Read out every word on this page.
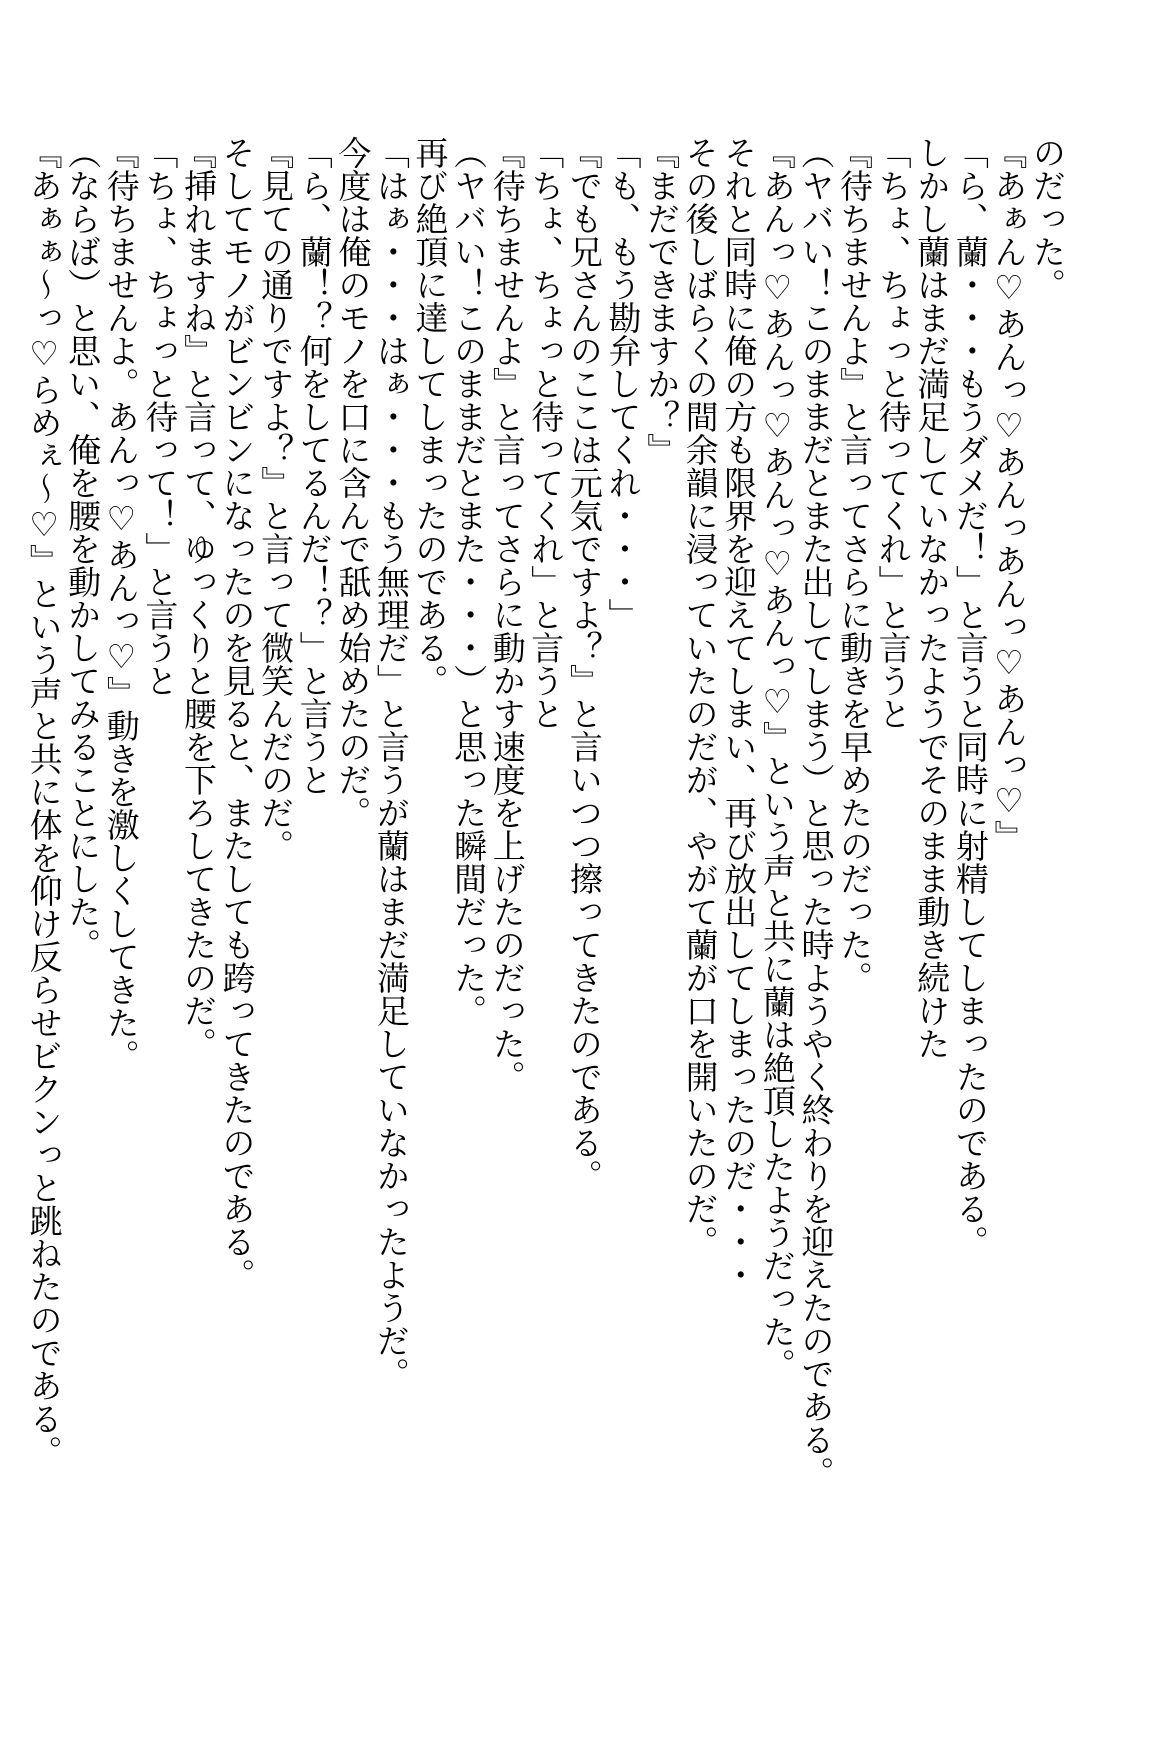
のだった。
『あぁん♡あんっ♡あんっあんっ♡あんっ♡』
「ら、蘭・・・もうダメだ！」と言うと同時に射精してしまったのである。
しかし蘭はまだ満足していなかったようでそのまま動き続けた
「ちょ、ちょっと待ってくれ」と言うと
『待ちませんよ』と言ってさらに動きを早めたのだった。
（ヤバい！このままだとまた出してしまう）と思った時ようやく終わりを迎えたのである。
『あんっ♡あんっ♡あんっ♡あんっ♡』という声と共に蘭は絶頂したようだった。
それと同時に俺の方も限界を迎えてしまい、再び放出してしまったのだ・・・
その後しばらくの間余韻に浸っていたのだが、やがて蘭が口を開いたのだ。
『まだできますか？』
「も、もう勘弁してくれ・・・」
『でも兄さんのここは元気ですよ？』と言いつつ擦ってきたのである。
「ちょ、ちょっと待ってくれ」と言うと
『待ちませんよ』と言ってさらに動かす速度を上げたのだった。
（ヤバい！このままだとまた・・・）と思った瞬間だった。
再び絶頂に達してしまったのである。
「はぁ・・・はぁ・・・もう無理だ」と言うが蘭はまだ満足していなかったようだ。
今度は俺のモノを口に含んで舐め始めたのだ。
「ら、蘭！？何をしてるんだ！？」と言うと
『見ての通りですよ？』と言って微笑んだのだ。
そしてモノがビンビンになったのを見ると、またしても跨ってきたのである。
『挿れますね』と言って、ゆっくりと腰を下ろしてきたのだ。
「ちょ、ちょっと待って！」と言うと
『待ちませんよ。あんっ♡あんっ♡』動きを激しくしてきた。
（ならば）と思い、俺を腰を動かしてみることにした。
『あぁぁ～っ♡らめぇ～♡』という声と共に体を仰け反らせビクンっと跳ねたのである。
